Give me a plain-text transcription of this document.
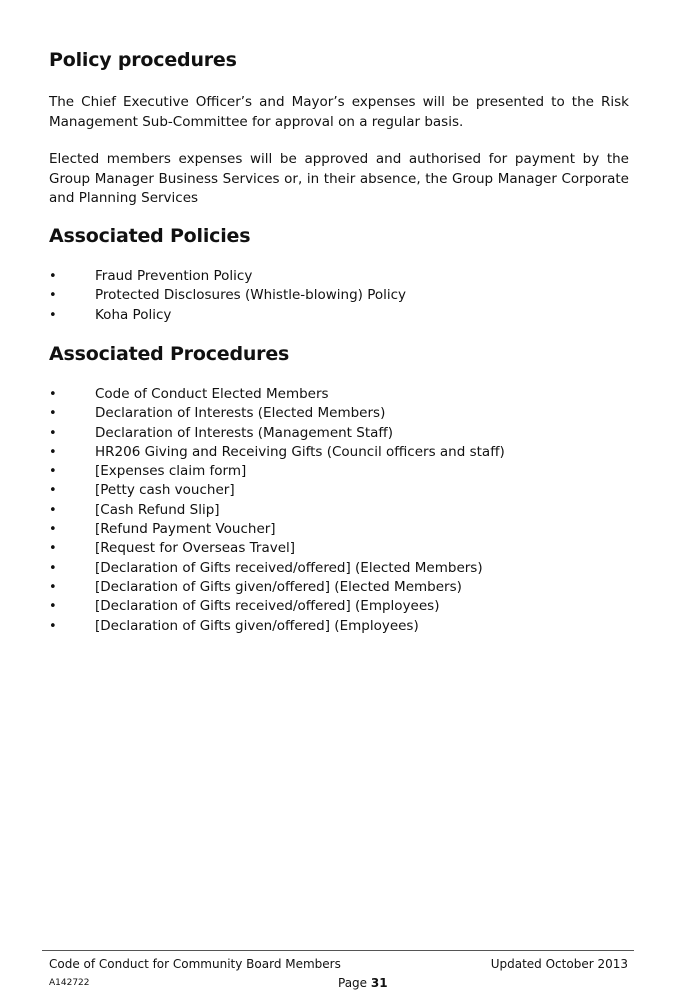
Policy procedures

The Chief Executive Officer’s and Mayor’s expenses will be presented to the Risk Management Sub-Committee for approval on a regular basis.

Elected members expenses will be approved and authorised for payment by the Group Manager Business Services or, in their absence, the Group Manager Corporate and Planning Services

Associated Policies
•	Fraud Prevention Policy
•	Protected Disclosures (Whistle-blowing) Policy
•	Koha Policy
Associated Procedures
•	Code of Conduct Elected Members
•	Declaration of Interests (Elected Members)
•	Declaration of Interests (Management Staff)
•	HR206 Giving and Receiving Gifts (Council officers and staff)
•	[Expenses claim form]
•	[Petty cash voucher]
•	[Cash Refund Slip]
•	[Refund Payment Voucher]
•	[Request for Overseas Travel]
•	[Declaration of Gifts received/offered] (Elected Members)
•	[Declaration of Gifts given/offered] (Elected Members)
•	[Declaration of Gifts received/offered] (Employees)
•	[Declaration of Gifts given/offered] (Employees)
Code of Conduct for Community Board Members	Updated October 2013
A142722	Page 31
